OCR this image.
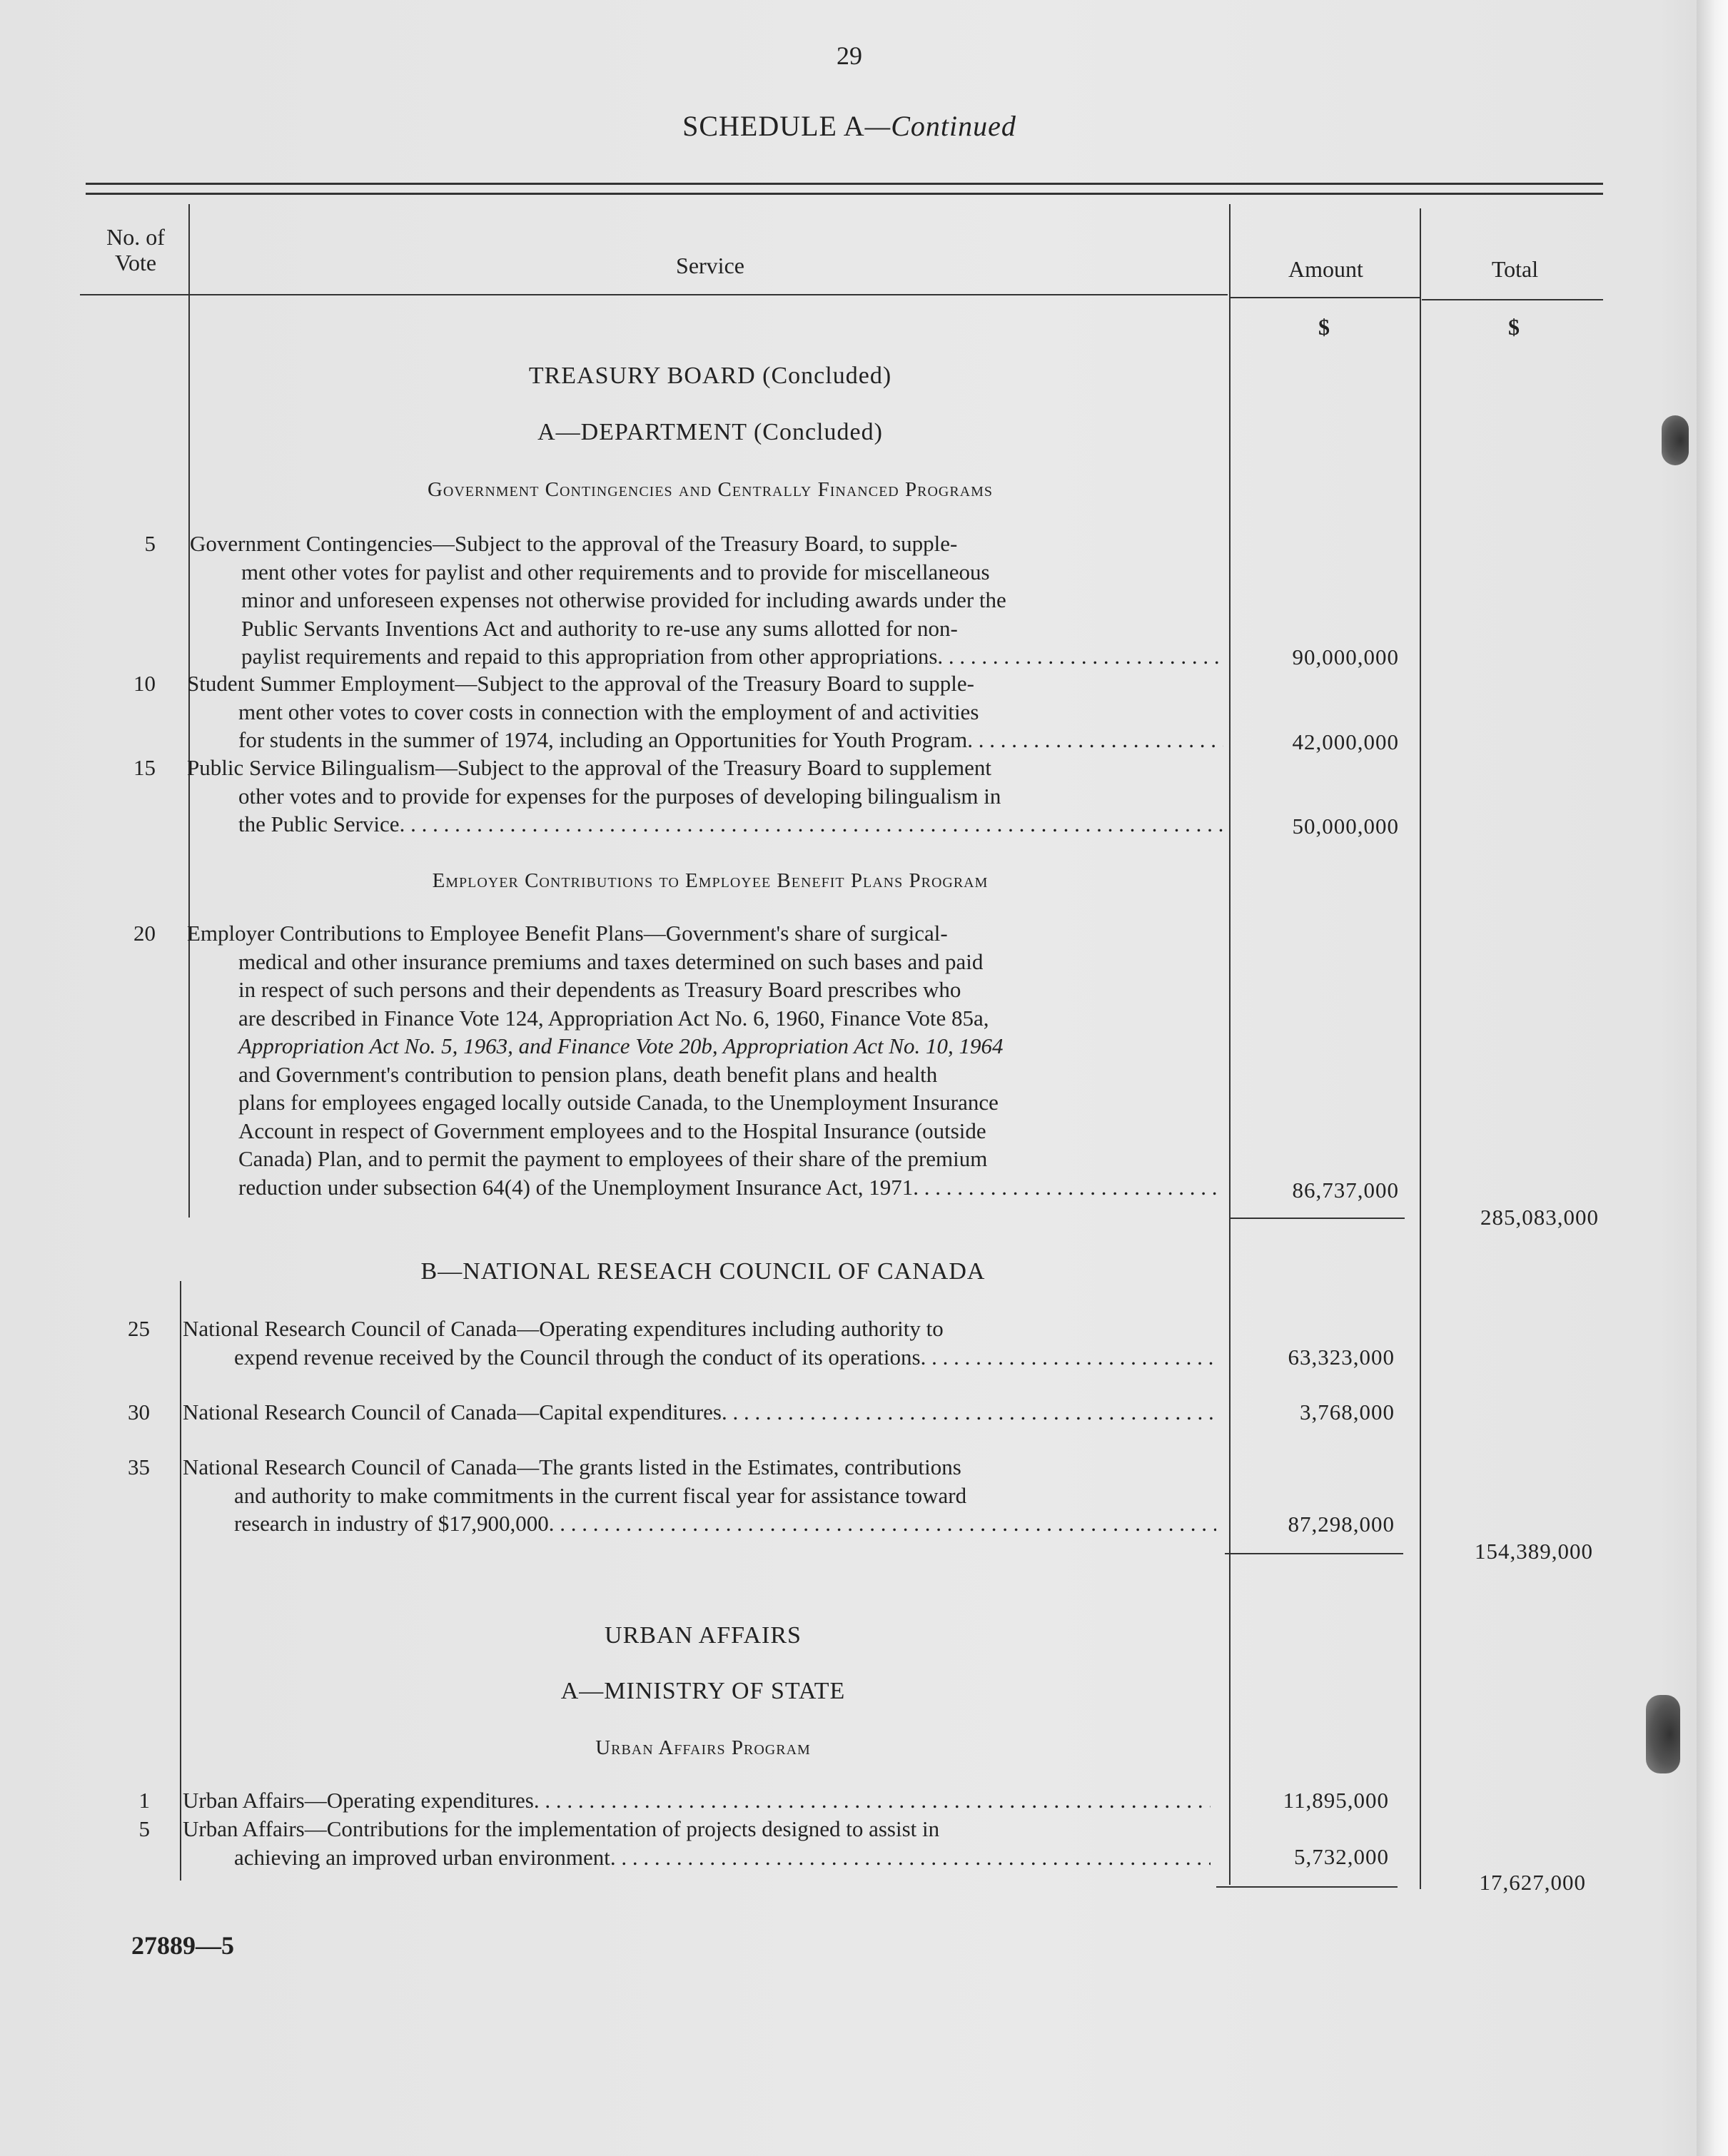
29
SCHEDULE A—Continued
No. of
Vote	Service	Amount	Total
$	$
TREASURY BOARD (Concluded)
A—DEPARTMENT (Concluded)
Government Contingencies and Centrally Financed Programs
5 Government Contingencies—Subject to the approval of the Treasury Board, to supple-
ment other votes for paylist and other requirements and to provide for miscellaneous
minor and unforeseen expenses not otherwise provided for including awards under the
Public Servants Inventions Act and authority to re-use any sums allotted for non-
paylist requirements and repaid to this appropriation from other appropriations . . .	90,000,000
10 Student Summer Employment—Subject to the approval of the Treasury Board to supple-
ment other votes to cover costs in connection with the employment of and activities
for students in the summer of 1974, including an Opportunities for Youth Program . . .	42,000,000
15 Public Service Bilingualism—Subject to the approval of the Treasury Board to supplement
other votes and to provide for expenses for the purposes of developing bilingualism in
the Public Service . . .	50,000,000
Employer Contributions to Employee Benefit Plans Program
20 Employer Contributions to Employee Benefit Plans—Government's share of surgical-
medical and other insurance premiums and taxes determined on such bases and paid
in respect of such persons and their dependents as Treasury Board prescribes who
are described in Finance Vote 124, Appropriation Act No. 6, 1960, Finance Vote 85a,
Appropriation Act No. 5, 1963, and Finance Vote 20b, Appropriation Act No. 10, 1964
and Government's contribution to pension plans, death benefit plans and health
plans for employees engaged locally outside Canada, to the Unemployment Insurance
Account in respect of Government employees and to the Hospital Insurance (outside
Canada) Plan, and to permit the payment to employees of their share of the premium
reduction under subsection 64(4) of the Unemployment Insurance Act, 1971 . . .	86,737,000
285,083,000
B—NATIONAL RESEACH COUNCIL OF CANADA
25 National Research Council of Canada—Operating expenditures including authority to
expend revenue received by the Council through the conduct of its operations . . .	63,323,000
30 National Research Council of Canada—Capital expenditures . . .	3,768,000
35 National Research Council of Canada—The grants listed in the Estimates, contributions
and authority to make commitments in the current fiscal year for assistance toward
research in industry of $17,900,000 . . .	87,298,000
154,389,000
URBAN AFFAIRS
A—MINISTRY OF STATE
Urban Affairs Program
1 Urban Affairs—Operating expenditures . . .	11,895,000
5 Urban Affairs—Contributions for the implementation of projects designed to assist in
achieving an improved urban environment . . .	5,732,000
17,627,000
27889—5
